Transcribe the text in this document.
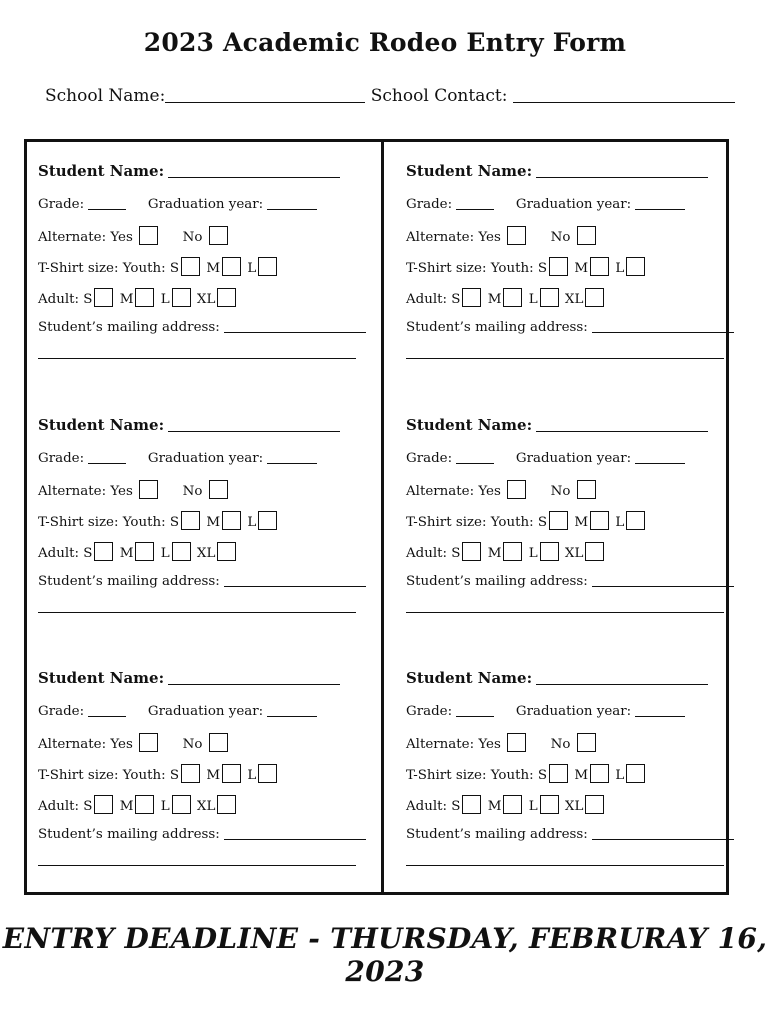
2023 Academic Rodeo Entry Form
School Name:	School Contact:
Student Name:
Grade:	Graduation year:
Alternate: Yes	No
T-Shirt size: Youth: S M L
Adult: S M L XL
Student’s mailing address:
Student Name:
Grade:	Graduation year:
Alternate: Yes	No
T-Shirt size: Youth: S M L
Adult: S M L XL
Student’s mailing address:
Student Name:
Grade:	Graduation year:
Alternate: Yes	No
T-Shirt size: Youth: S M L
Adult: S M L XL
Student’s mailing address:
Student Name:
Grade:	Graduation year:
Alternate: Yes	No
T-Shirt size: Youth: S M L
Adult: S M L XL
Student’s mailing address:
Student Name:
Grade:	Graduation year:
Alternate: Yes	No
T-Shirt size: Youth: S M L
Adult: S M L XL
Student’s mailing address:
Student Name:
Grade:	Graduation year:
Alternate: Yes	No
T-Shirt size: Youth: S M L
Adult: S M L XL
Student’s mailing address:
ENTRY DEADLINE - THURSDAY, FEBRURAY 16, 2023
